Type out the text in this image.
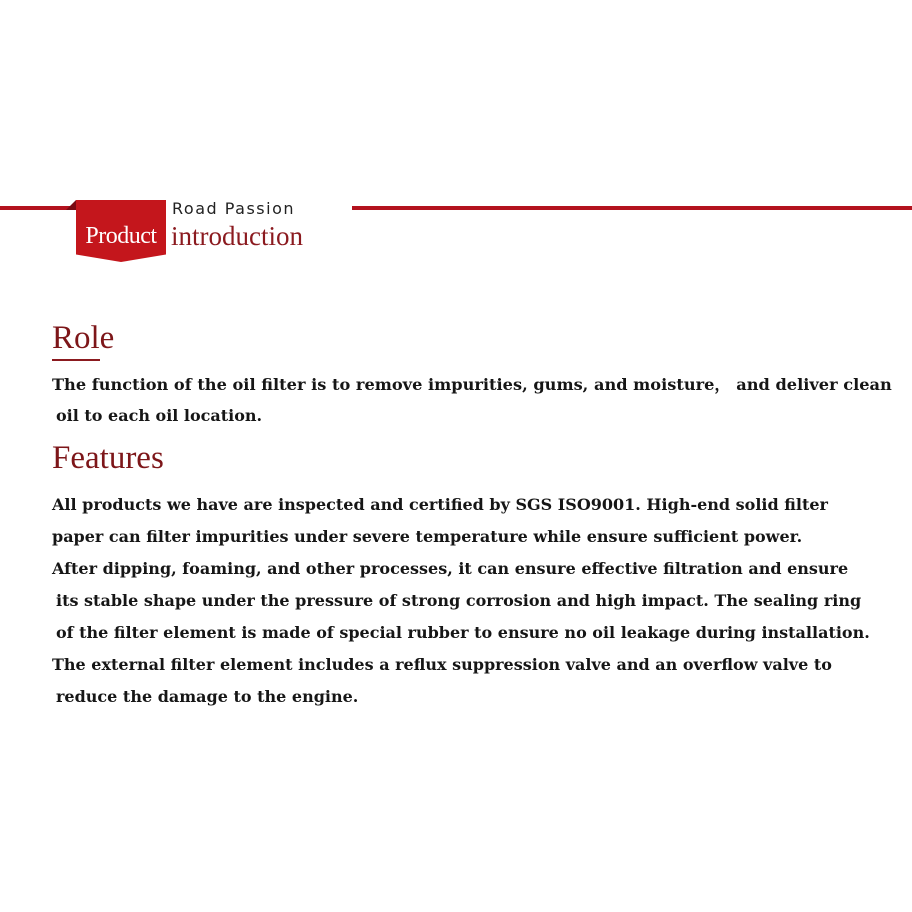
Product
Road Passion
introduction
Role
The function of the oil filter is to remove impurities, gums, and moisture， and deliver clean
oil to each oil location.
Features
All products we have are inspected and certified by SGS ISO9001. High-end solid filter
paper can filter impurities under severe temperature while ensure sufficient power.
After dipping, foaming, and other processes, it can ensure effective filtration and ensure
its stable shape under the pressure of strong corrosion and high impact. The sealing ring
of the filter element is made of special rubber to ensure no oil leakage during installation.
The external filter element includes a reflux suppression valve and an overflow valve to
reduce the damage to the engine.
